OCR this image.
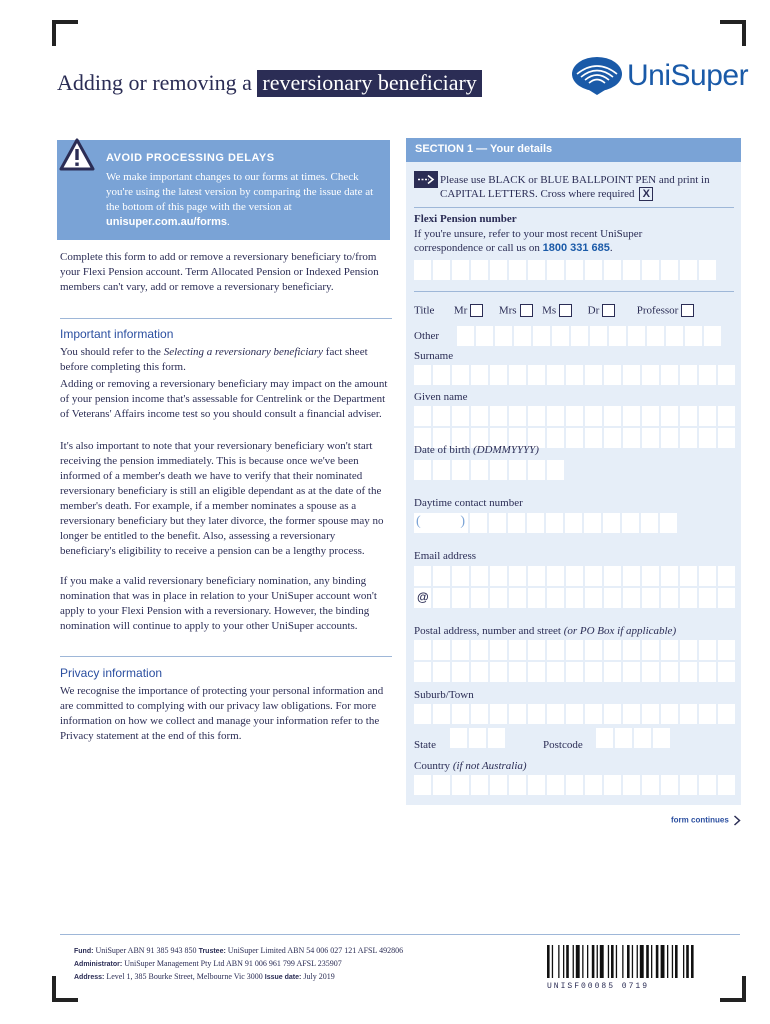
Adding or removing a reversionary beneficiary	UniSuper
AVOID PROCESSING DELAYS
We make important changes to our forms at times. Check you're using the latest version by comparing the issue date at the bottom of this page with the version at unisuper.com.au/forms.
Complete this form to add or remove a reversionary beneficiary to/from your Flexi Pension account. Term Allocated Pension or Indexed Pension members can't vary, add or remove a reversionary beneficiary.
Important information
You should refer to the Selecting a reversionary beneficiary fact sheet before completing this form.
Adding or removing a reversionary beneficiary may impact on the amount of your pension income that's assessable for Centrelink or the Department of Veterans' Affairs income test so you should consult a financial adviser.
It's also important to note that your reversionary beneficiary won't start receiving the pension immediately. This is because once we've been informed of a member's death we have to verify that their nominated reversionary beneficiary is still an eligible dependant as at the date of the member's death. For example, if a member nominates a spouse as a reversionary beneficiary but they later divorce, the former spouse may no longer be entitled to the benefit. Also, assessing a reversionary beneficiary's eligibility to receive a pension can be a lengthy process.
If you make a valid reversionary beneficiary nomination, any binding nomination that was in place in relation to your UniSuper account won't apply to your Flexi Pension with a reversionary. However, the binding nomination will continue to apply to your other UniSuper accounts.
Privacy information
We recognise the importance of protecting your personal information and are committed to complying with our privacy law obligations. For more information on how we collect and manage your information refer to the Privacy statement at the end of this form.
SECTION 1 — Your details
Please use BLACK or BLUE BALLPOINT PEN and print in CAPITAL LETTERS. Cross where required X
Flexi Pension number
If you're unsure, refer to your most recent UniSuper correspondence or call us on 1800 331 685.
Title Mr	Mrs Ms	Dr	Professor
Other
Surname
Given name
Date of birth (DDMMYYYY)
Daytime contact number
(	)
Email address
@
Postal address, number and street (or PO Box if applicable)
Suburb/Town
State	Postcode
Country (if not Australia)
form continues
Fund: UniSuper ABN 91 385 943 850 Trustee: UniSuper Limited ABN 54 006 027 121 AFSL 492806
Administrator: UniSuper Management Pty Ltd ABN 91 006 961 799 AFSL 235907
Address: Level 1, 385 Bourke Street, Melbourne Vic 3000 Issue date: July 2019
UNISF00085 0719
